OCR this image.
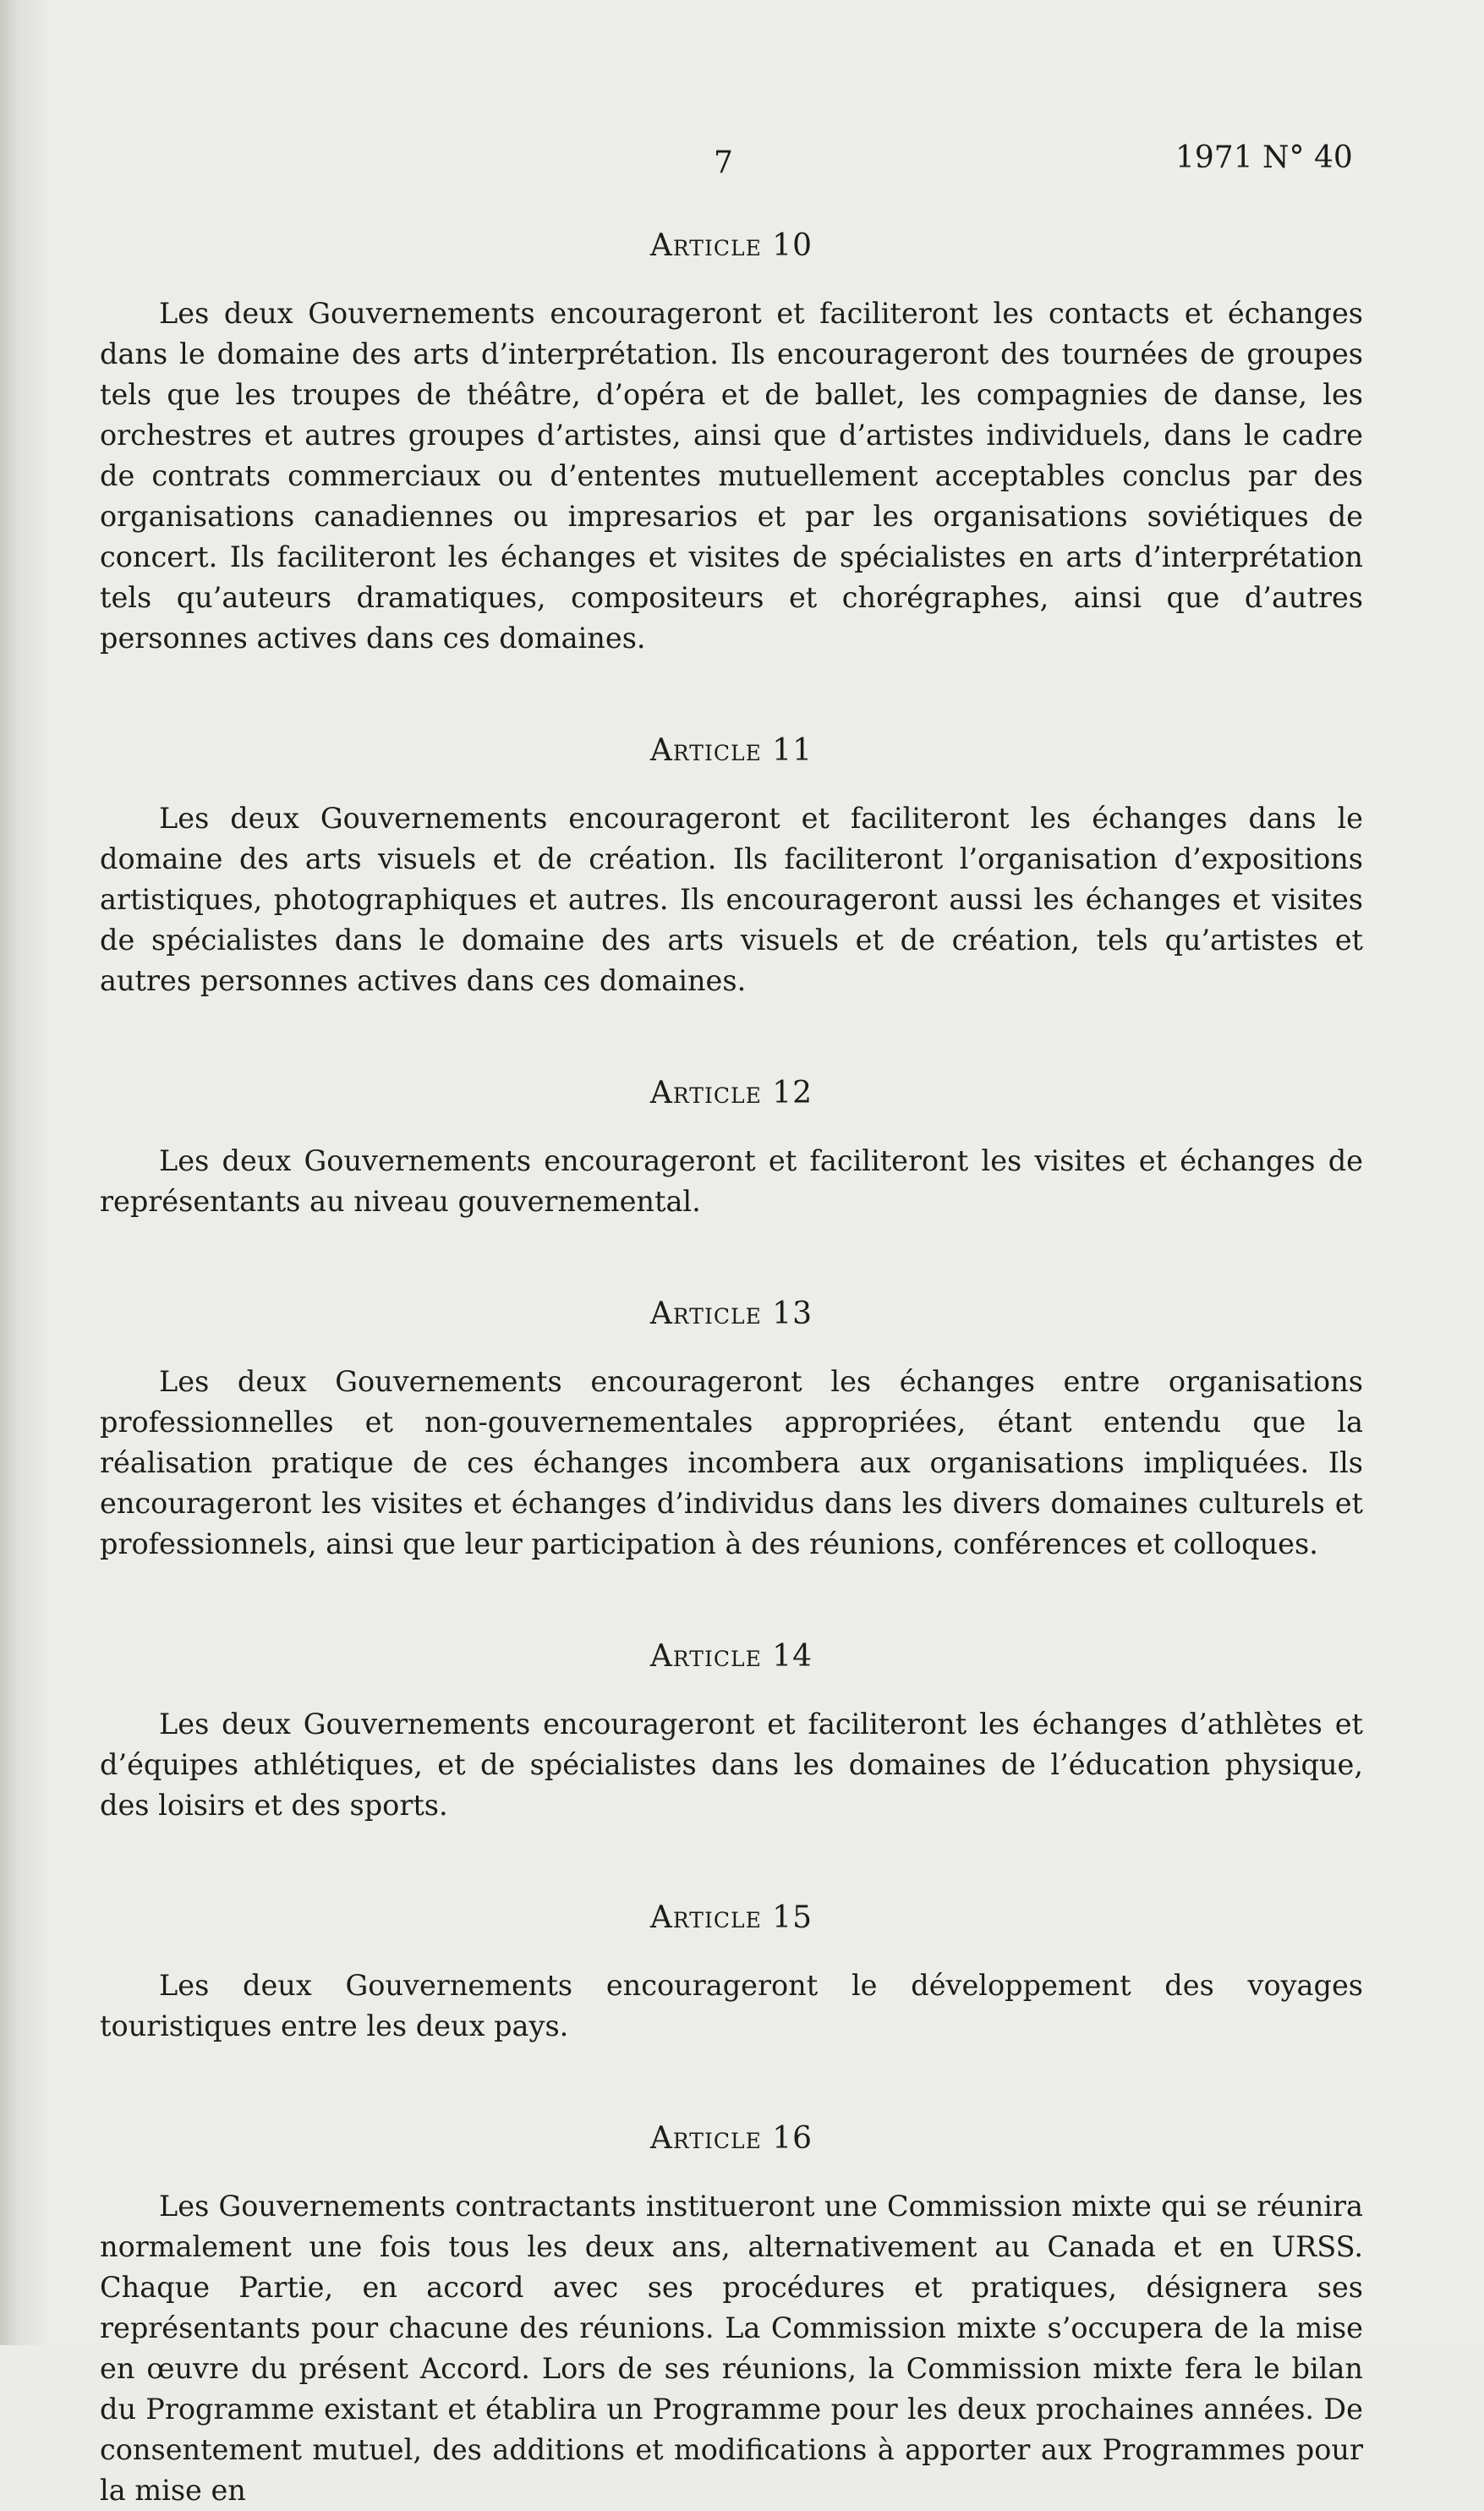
7	1971 N° 40
Article 10

Les deux Gouvernements encourageront et faciliteront les contacts et échanges dans le domaine des arts d’interprétation. Ils encourageront des tournées de groupes tels que les troupes de théâtre, d’opéra et de ballet, les compagnies de danse, les orchestres et autres groupes d’artistes, ainsi que d’artistes individuels, dans le cadre de contrats commerciaux ou d’ententes mutuellement acceptables conclus par des organisations canadiennes ou impresarios et par les organisations soviétiques de concert. Ils faciliteront les échanges et visites de spécialistes en arts d’interprétation tels qu’auteurs dramatiques, compositeurs et chorégraphes, ainsi que d’autres personnes actives dans ces domaines.

Article 11

Les deux Gouvernements encourageront et faciliteront les échanges dans le domaine des arts visuels et de création. Ils faciliteront l’organisation d’expositions artistiques, photographiques et autres. Ils encourageront aussi les échanges et visites de spécialistes dans le domaine des arts visuels et de création, tels qu’artistes et autres personnes actives dans ces domaines.

Article 12

Les deux Gouvernements encourageront et faciliteront les visites et échanges de représentants au niveau gouvernemental.

Article 13

Les deux Gouvernements encourageront les échanges entre organisations professionnelles et non-gouvernementales appropriées, étant entendu que la réalisation pratique de ces échanges incombera aux organisations impliquées. Ils encourageront les visites et échanges d’individus dans les divers domaines culturels et professionnels, ainsi que leur participation à des réunions, conférences et colloques.

Article 14

Les deux Gouvernements encourageront et faciliteront les échanges d’athlètes et d’équipes athlétiques, et de spécialistes dans les domaines de l’éducation physique, des loisirs et des sports.

Article 15

Les deux Gouvernements encourageront le développement des voyages touristiques entre les deux pays.

Article 16

Les Gouvernements contractants institueront une Commission mixte qui se réunira normalement une fois tous les deux ans, alternativement au Canada et en URSS. Chaque Partie, en accord avec ses procédures et pratiques, désignera ses représentants pour chacune des réunions. La Commission mixte s’occupera de la mise en œuvre du présent Accord. Lors de ses réunions, la Commission mixte fera le bilan du Programme existant et établira un Programme pour les deux prochaines années. De consentement mutuel, des additions et modifications à apporter aux Programmes pour la mise en
